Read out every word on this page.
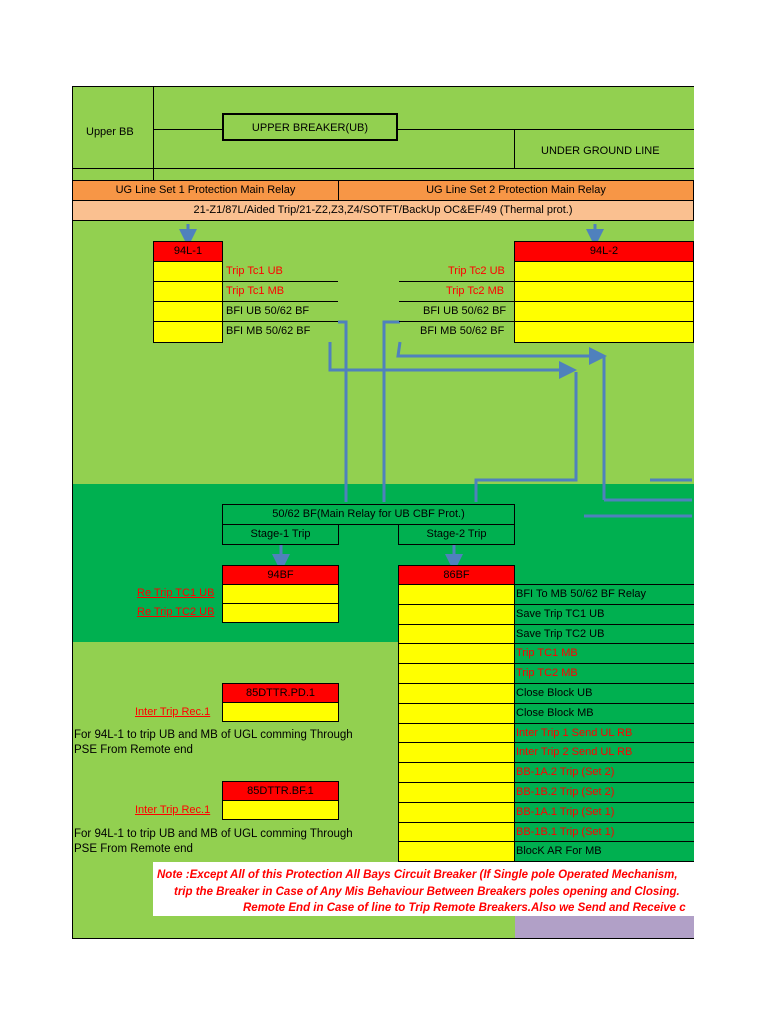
Upper BB	UPPER BREAKER(UB)
UNDER GROUND LINE
UG Line Set 1 Protection Main Relay	UG Line Set 2 Protection Main Relay
21-Z1/87L/Aided Trip/21-Z2,Z3,Z4/SOTFT/BackUp OC&EF/49 (Thermal prot.)
94L-1
Trip Tc1 UB
Trip Tc1 MB
BFI UB 50/62 BF
BFI MB 50/62 BF
94L-2
Trip Tc2 UB
Trip Tc2 MB
BFI UB 50/62 BF
BFI MB 50/62 BF
50/62 BF(Main Relay for UB CBF Prot.)
Stage-1 Trip	Stage-2 Trip
94BF
Re Trip TC1 UB
Re Trip TC2 UB
86BF
BFI To MB 50/62 BF Relay
Save Trip TC1 UB
Save Trip TC2 UB
Trip TC1 MB
Trip TC2 MB
Close Block UB
Close Block MB
Inter Trip 1 Send UL RB
Inter Trip 2 Send UL RB
BB-1A.2 Trip (Set 2)
BB-1B.2 Trip (Set 2)
BB-1A.1 Trip (Set 1)
BB-1B.1 Trip (Set 1)
BlocK AR For MB
85DTTR.PD.1
Inter Trip Rec.1
For 94L-1 to trip UB and MB of UGL comming Through
PSE From Remote end
85DTTR.BF.1
Inter Trip Rec.1
For 94L-1 to trip UB and MB of UGL comming Through
PSE From Remote end
Note :Except All of this Protection All Bays Circuit Breaker (If Single pole Operated Mechanism,
trip the Breaker in Case of Any Mis Behaviour Between Breakers poles opening and Closing.
Remote End in Case of line to Trip Remote Breakers.Also we Send and Receive c
